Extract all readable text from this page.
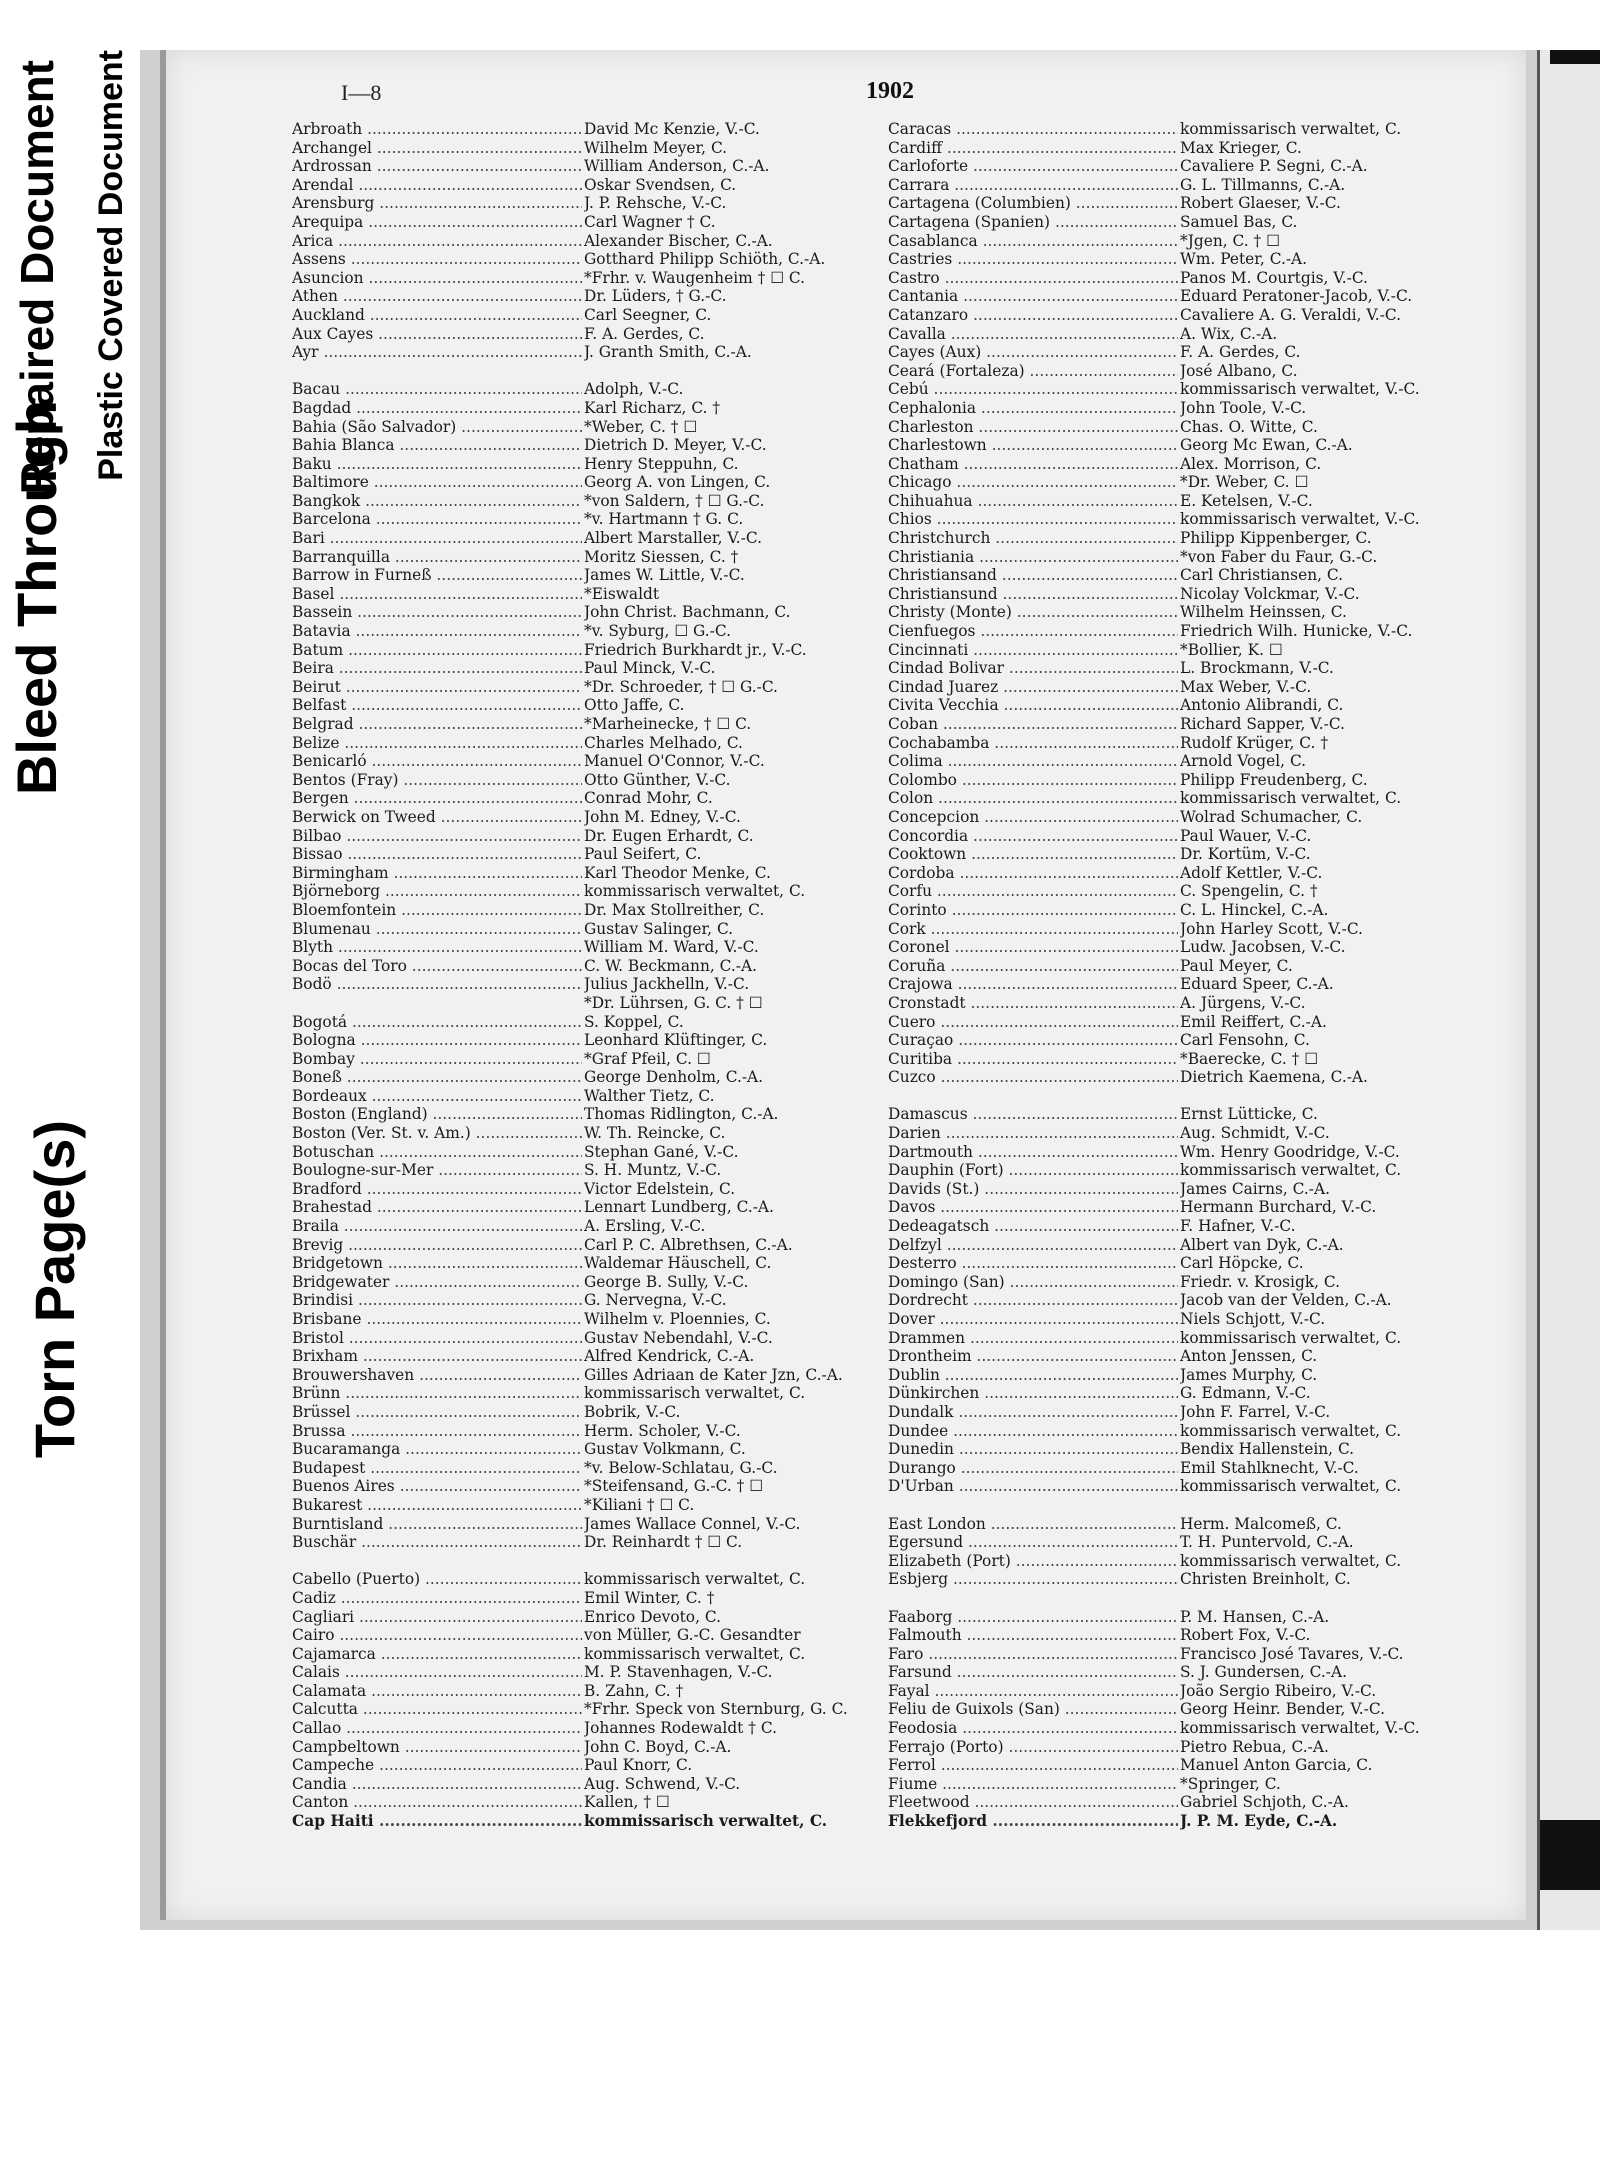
Torn Page(s)
Bleed Through
Repaired Document Plastic Covered Document	I—8	1902
Arbroath .....	David Mc Kenzie, V.-C.
Archangel .....	Wilhelm Meyer, C.
Ardrossan .....	William Anderson, C.-A.
Arendal .....	Oskar Svendsen, C.
Arensburg .....	J. P. Rehsche, V.-C.
Arequipa .....	Carl Wagner † C.
Arica .....	Alexander Bischer, C.-A.
Assens .....	Gotthard Philipp Schiöth, C.-A.
Asuncion .....	*Frhr. v. Waugenheim † ☐ C.
Athen .....	Dr. Lüders, † G.-C.
Auckland .....	Carl Seegner, C.
Aux Cayes .....	F. A. Gerdes, C.
Ayr .....	J. Granth Smith, C.-A.
Bacau .....	Adolph, V.-C.
Bagdad .....	Karl Richarz, C. †
Bahia (São Salvador) .....	*Weber, C. † ☐
Bahia Blanca .....	Dietrich D. Meyer, V.-C.
Baku .....	Henry Steppuhn, C.
Baltimore .....	Georg A. von Lingen, C.
Bangkok .....	*von Saldern, † ☐ G.-C.
Barcelona .....	*v. Hartmann † G. C.
Bari .....	Albert Marstaller, V.-C.
Barranquilla .....	Moritz Siessen, C. †
Barrow in Furneß .....	James W. Little, V.-C.
Basel .....	*Eiswaldt
Bassein .....	John Christ. Bachmann, C.
Batavia .....	*v. Syburg, ☐ G.-C.
Batum .....	Friedrich Burkhardt jr., V.-C.
Beira .....	Paul Minck, V.-C.
Beirut .....	*Dr. Schroeder, † ☐ G.-C.
Belfast .....	Otto Jaffe, C.
Belgrad .....	*Marheinecke, † ☐ C.
Belize .....	Charles Melhado, C.
Benicarló .....	Manuel O'Connor, V.-C.
Bentos (Fray) .....	Otto Günther, V.-C.
Bergen .....	Conrad Mohr, C.
Berwick on Tweed .....	John M. Edney, V.-C.
Bilbao .....	Dr. Eugen Erhardt, C.
Bissao .....	Paul Seifert, C.
Birmingham .....	Karl Theodor Menke, C.
Björneborg .....	kommissarisch verwaltet, C.
Bloemfontein .....	Dr. Max Stollreither, C.
Blumenau .....	Gustav Salinger, C.
Blyth .....	William M. Ward, V.-C.
Bocas del Toro .....	C. W. Beckmann, C.-A.
Bodö .....	Julius Jackhelln, V.-C.
*Dr. Lührsen, G. C. † ☐
Bogotá .....	S. Koppel, C.
Bologna .....	Leonhard Klüftinger, C.
Bombay .....	*Graf Pfeil, C. ☐
Boneß .....	George Denholm, C.-A.
Bordeaux .....	Walther Tietz, C.
Boston (England) .....	Thomas Ridlington, C.-A.
Boston (Ver. St. v. Am.) .....	W. Th. Reincke, C.
Botuschan .....	Stephan Gané, V.-C.
Boulogne-sur-Mer .....	S. H. Muntz, V.-C.
Bradford .....	Victor Edelstein, C.
Brahestad .....	Lennart Lundberg, C.-A.
Braila .....	A. Ersling, V.-C.
Brevig .....	Carl P. C. Albrethsen, C.-A.
Bridgetown .....	Waldemar Häuschell, C.
Bridgewater .....	George B. Sully, V.-C.
Brindisi .....	G. Nervegna, V.-C.
Brisbane .....	Wilhelm v. Ploennies, C.
Bristol .....	Gustav Nebendahl, V.-C.
Brixham .....	Alfred Kendrick, C.-A.
Brouwershaven .....	Gilles Adriaan de Kater Jzn, C.-A.
Brünn .....	kommissarisch verwaltet, C.
Brüssel .....	Bobrik, V.-C.
Brussa .....	Herm. Scholer, V.-C.
Bucaramanga .....	Gustav Volkmann, C.
Budapest .....	*v. Below-Schlatau, G.-C.
Buenos Aires .....	*Steifensand, G.-C. † ☐
Bukarest .....	*Kiliani † ☐ C.
Burntisland .....	James Wallace Connel, V.-C.
Buschär .....	Dr. Reinhardt † ☐ C.
Cabello (Puerto) .....	kommissarisch verwaltet, C.
Cadiz .....	Emil Winter, C. †
Cagliari .....	Enrico Devoto, C.
Cairo .....	von Müller, G.-C. Gesandter
Cajamarca .....	kommissarisch verwaltet, C.
Calais .....	M. P. Stavenhagen, V.-C.
Calamata .....	B. Zahn, C. †
Calcutta .....	*Frhr. Speck von Sternburg, G. C.
Callao .....	Johannes Rodewaldt † C.
Campbeltown .....	John C. Boyd, C.-A.
Campeche .....	Paul Knorr, C.
Candia .....	Aug. Schwend, V.-C.
Canton .....	Kallen, † ☐
Cap Haiti .....	kommissarisch verwaltet, C.
Caracas .....	kommissarisch verwaltet, C.
Cardiff .....	Max Krieger, C.
Carloforte .....	Cavaliere P. Segni, C.-A.
Carrara .....	G. L. Tillmanns, C.-A.
Cartagena (Columbien) .....	Robert Glaeser, V.-C.
Cartagena (Spanien) .....	Samuel Bas, C.
Casablanca .....	*Jgen, C. † ☐
Castries .....	Wm. Peter, C.-A.
Castro .....	Panos M. Courtgis, V.-C.
Cantania .....	Eduard Peratoner-Jacob, V.-C.
Catanzaro .....	Cavaliere A. G. Veraldi, V.-C.
Cavalla .....	A. Wix, C.-A.
Cayes (Aux) .....	F. A. Gerdes, C.
Ceará (Fortaleza) .....	José Albano, C.
Cebú .....	kommissarisch verwaltet, V.-C.
Cephalonia .....	John Toole, V.-C.
Charleston .....	Chas. O. Witte, C.
Charlestown .....	Georg Mc Ewan, C.-A.
Chatham .....	Alex. Morrison, C.
Chicago .....	*Dr. Weber, C. ☐
Chihuahua .....	E. Ketelsen, V.-C.
Chios .....	kommissarisch verwaltet, V.-C.
Christchurch .....	Philipp Kippenberger, C.
Christiania .....	*von Faber du Faur, G.-C.
Christiansand .....	Carl Christiansen, C.
Christiansund .....	Nicolay Volckmar, V.-C.
Christy (Monte) .....	Wilhelm Heinssen, C.
Cienfuegos .....	Friedrich Wilh. Hunicke, V.-C.
Cincinnati .....	*Bollier, K. ☐
Cindad Bolivar .....	L. Brockmann, V.-C.
Cindad Juarez .....	Max Weber, V.-C.
Civita Vecchia .....	Antonio Alibrandi, C.
Coban .....	Richard Sapper, V.-C.
Cochabamba .....	Rudolf Krüger, C. †
Colima .....	Arnold Vogel, C.
Colombo .....	Philipp Freudenberg, C.
Colon .....	kommissarisch verwaltet, C.
Concepcion .....	Wolrad Schumacher, C.
Concordia .....	Paul Wauer, V.-C.
Cooktown .....	Dr. Kortüm, V.-C.
Cordoba .....	Adolf Kettler, V.-C.
Corfu .....	C. Spengelin, C. †
Corinto .....	C. L. Hinckel, C.-A.
Cork .....	John Harley Scott, V.-C.
Coronel .....	Ludw. Jacobsen, V.-C.
Coruña .....	Paul Meyer, C.
Crajowa .....	Eduard Speer, C.-A.
Cronstadt .....	A. Jürgens, V.-C.
Cuero .....	Emil Reiffert, C.-A.
Curaçao .....	Carl Fensohn, C.
Curitiba .....	*Baerecke, C. † ☐
Cuzco .....	Dietrich Kaemena, C.-A.
Damascus .....	Ernst Lütticke, C.
Darien .....	Aug. Schmidt, V.-C.
Dartmouth .....	Wm. Henry Goodridge, V.-C.
Dauphin (Fort) .....	kommissarisch verwaltet, C.
Davids (St.) .....	James Cairns, C.-A.
Davos .....	Hermann Burchard, V.-C.
Dedeagatsch .....	F. Hafner, V.-C.
Delfzyl .....	Albert van Dyk, C.-A.
Desterro .....	Carl Höpcke, C.
Domingo (San) .....	Friedr. v. Krosigk, C.
Dordrecht .....	Jacob van der Velden, C.-A.
Dover .....	Niels Schjott, V.-C.
Drammen .....	kommissarisch verwaltet, C.
Drontheim .....	Anton Jenssen, C.
Dublin .....	James Murphy, C.
Dünkirchen .....	G. Edmann, V.-C.
Dundalk .....	John F. Farrel, V.-C.
Dundee .....	kommissarisch verwaltet, C.
Dunedin .....	Bendix Hallenstein, C.
Durango .....	Emil Stahlknecht, V.-C.
D'Urban .....	kommissarisch verwaltet, C.
East London .....	Herm. Malcomeß, C.
Egersund .....	T. H. Puntervold, C.-A.
Elizabeth (Port) .....	kommissarisch verwaltet, C.
Esbjerg .....	Christen Breinholt, C.
Faaborg .....	P. M. Hansen, C.-A.
Falmouth .....	Robert Fox, V.-C.
Faro .....	Francisco José Tavares, V.-C.
Farsund .....	S. J. Gundersen, C.-A.
Fayal .....	João Sergio Ribeiro, V.-C.
Feliu de Guixols (San) .....	Georg Heinr. Bender, V.-C.
Feodosia .....	kommissarisch verwaltet, V.-C.
Ferrajo (Porto) .....	Pietro Rebua, C.-A.
Ferrol .....	Manuel Anton Garcia, C.
Fiume .....	*Springer, C.
Fleetwood .....	Gabriel Schjoth, C.-A.
Flekkefjord .....	J. P. M. Eyde, C.-A.
